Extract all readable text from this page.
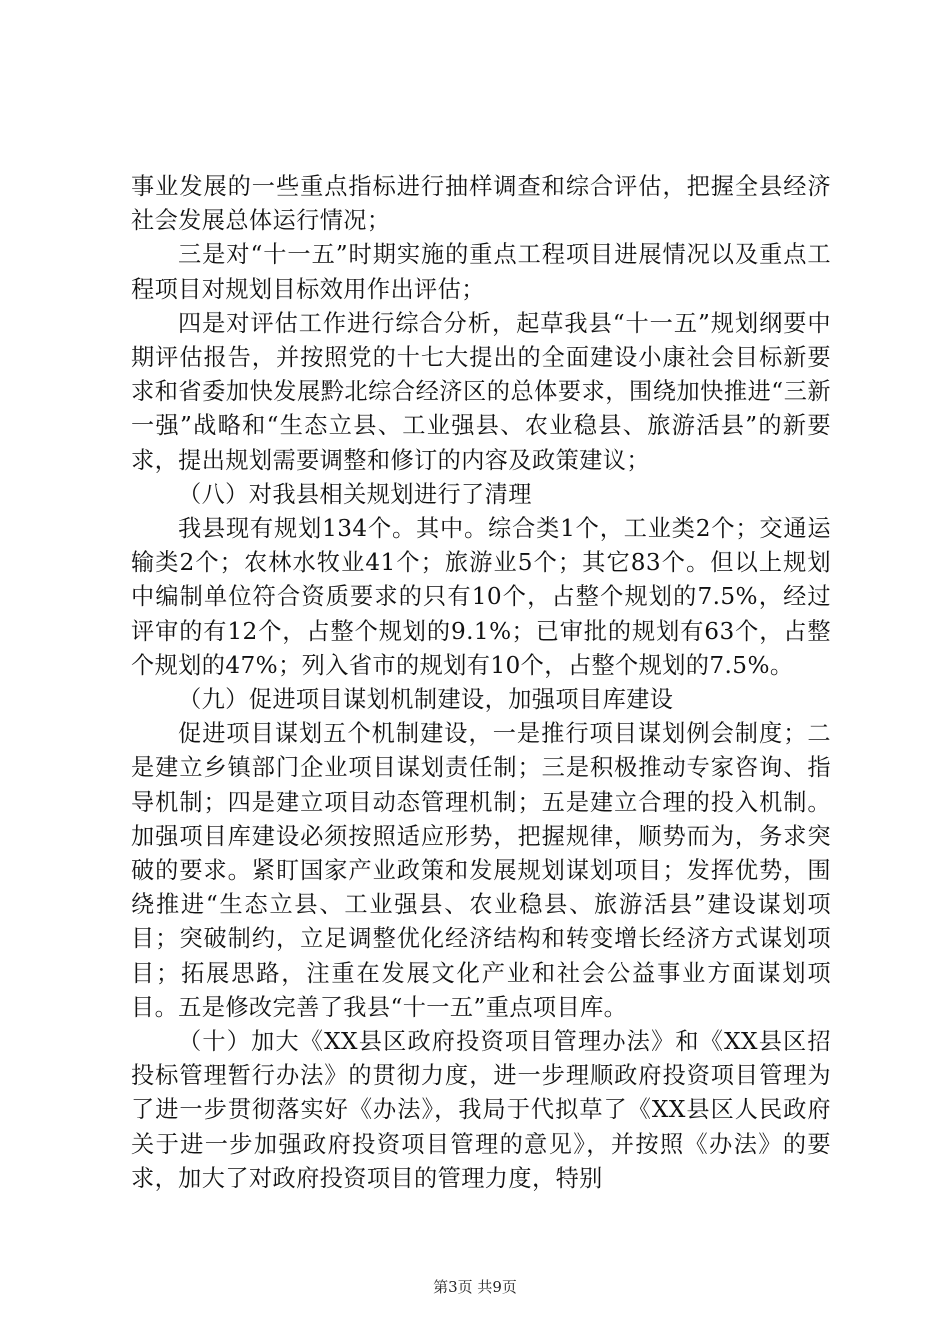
事业发展的一些重点指标进行抽样调查和综合评估，把握全县经济社会发展总体运行情况；

三是对“十一五”时期实施的重点工程项目进展情况以及重点工程项目对规划目标效用作出评估；

四是对评估工作进行综合分析，起草我县“十一五”规划纲要中期评估报告，并按照党的十七大提出的全面建设小康社会目标新要求和省委加快发展黔北综合经济区的总体要求，围绕加快推进“三新一强”战略和“生态立县、工业强县、农业稳县、旅游活县”的新要求，提出规划需要调整和修订的内容及政策建议；

（八）对我县相关规划进行了清理

我县现有规划134个。其中。综合类1个，工业类2个；交通运输类2个；农林水牧业41个；旅游业5个；其它83个。但以上规划中编制单位符合资质要求的只有10个，占整个规划的7.5%，经过评审的有12个，占整个规划的9.1%；已审批的规划有63个，占整个规划的47%；列入省市的规划有10个，占整个规划的7.5%。

（九）促进项目谋划机制建设，加强项目库建设

促进项目谋划五个机制建设，一是推行项目谋划例会制度；二是建立乡镇部门企业项目谋划责任制；三是积极推动专家咨询、指导机制；四是建立项目动态管理机制；五是建立合理的投入机制。加强项目库建设必须按照适应形势，把握规律，顺势而为，务求突破的要求。紧盯国家产业政策和发展规划谋划项目；发挥优势，围绕推进“生态立县、工业强县、农业稳县、旅游活县”建设谋划项目；突破制约，立足调整优化经济结构和转变增长经济方式谋划项目；拓展思路，注重在发展文化产业和社会公益事业方面谋划项目。五是修改完善了我县“十一五”重点项目库。

（十）加大《XX县区政府投资项目管理办法》和《XX县区招投标管理暂行办法》的贯彻力度，进一步理顺政府投资项目管理为了进一步贯彻落实好《办法》，我局于代拟草了《XX县区人民政府关于进一步加强政府投资项目管理的意见》，并按照《办法》的要求，加大了对政府投资项目的管理力度，特别

第3页 共9页
